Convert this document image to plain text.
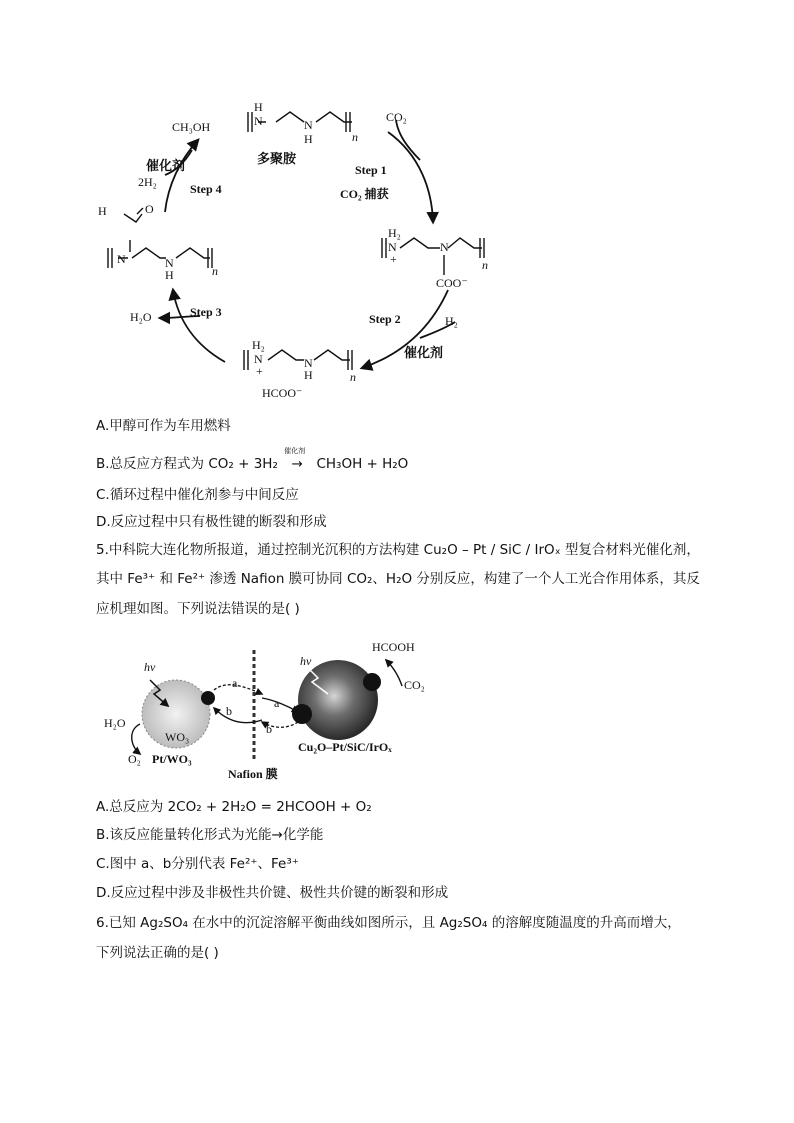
H
N	N
H	n
多聚胺
CO₂
Step 1
CO₂ 捕获
H₂
N
+
N
n
COO⁻
H₂
Step 2
催化剂
H₂
N
+
N
H	n
HCOO⁻
H₂O	Step 3
H	O
N	N
H	n
Step 4
CH₃OH
催化剂
2H₂
A.甲醇可作为车用燃料
B.总反应方程式为 CO₂ + 3H₂
催化剂
→ CH₃OH + H₂O
C.循环过程中催化剂参与中间反应
D.反应过程中只有极性键的断裂和形成
5.中科院大连化物所报道，通过控制光沉积的方法构建 Cu₂O – Pt / SiC / IrOₓ 型复合材料光催化剂，
其中 Fe³⁺ 和 Fe²⁺ 渗透 Nafion 膜可协同 CO₂、H₂O 分别反应，构建了一个人工光合作用体系，其反
应机理如图。下列说法错误的是( )
hν
H₂O
WO₃
O₂ Pt/WO₃
a
b
a
b
Nafion 膜
hν
HCOOH
CO₂
Cu₂O–Pt/SiC/IrOₓ
A.总反应为 2CO₂ + 2H₂O = 2HCOOH + O₂
B.该反应能量转化形式为光能→化学能
C.图中 a、b分别代表 Fe²⁺、Fe³⁺
D.反应过程中涉及非极性共价键、极性共价键的断裂和形成
6.已知 Ag₂SO₄ 在水中的沉淀溶解平衡曲线如图所示，且 Ag₂SO₄ 的溶解度随温度的升高而增大，
下列说法正确的是( )
